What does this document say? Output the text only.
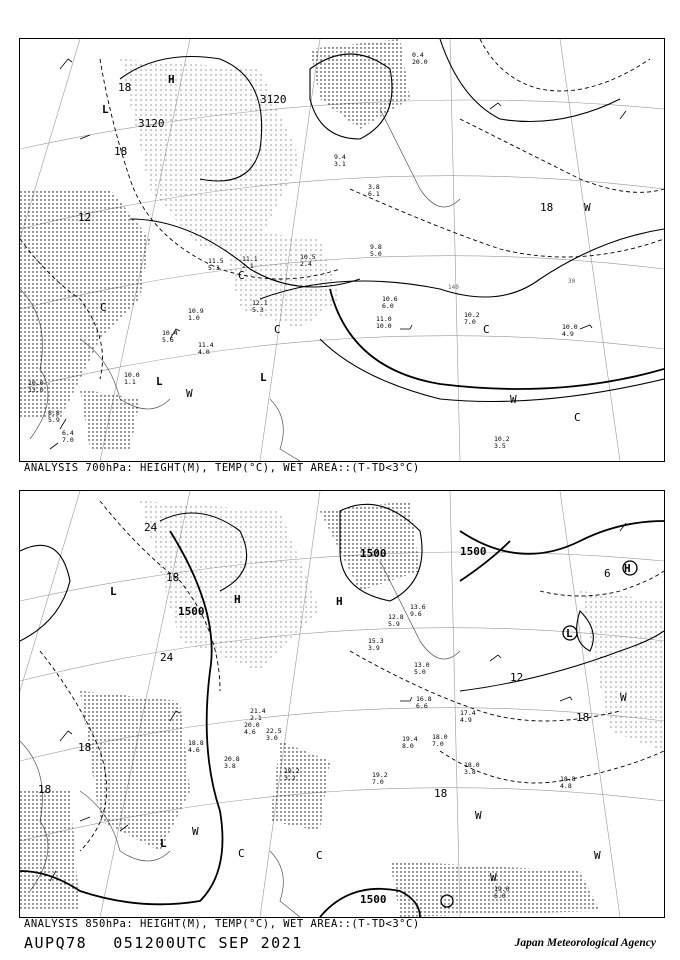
140
30
3120
3120
18
18
12
18
H
L
L	L
C
C
C
C
C
W	W
W
0.4 20.0
11.1 2.1
12.1 5.3
10.5 2.4
11.5 5.3
10.2 7.0
10.0 4.9
10.6 6.0
11.0 10.0
10.4 5.6
11.4 4.0
10.0 1.1
10.2 3.5
10.0 13.0
8.8 5.9
9.4 3.1
6.4 7.0
9.8 5.0
10.9 1.0
3.8 6.1
ANALYSIS 700hPa: HEIGHT(M), TEMP(°C), WET AREA::(T-TD<3°C)
1500
1500	1500
1500
24
24
18
18
18
18
12
6
18
H	H
H
L
L
L
C	C
W
W
W
W
W
13.6 9.6
15.3 3.9
13.0 5.0
12.8 5.9
20.0 4.6
21.4 2.1
22.5 3.0
18.0 3.8
18.8 4.8
19.0 6.0
19.2 7.0
19.4 8.0
17.4 4.9
16.8 6.6
18.0 7.0
20.8 3.8
19.2 3.2
18.8 4.6
ANALYSIS 850hPa: HEIGHT(M), TEMP(°C), WET AREA::(T-TD<3°C)
AUPQ78 051200UTC SEP 2021	Japan Meteorological Agency
